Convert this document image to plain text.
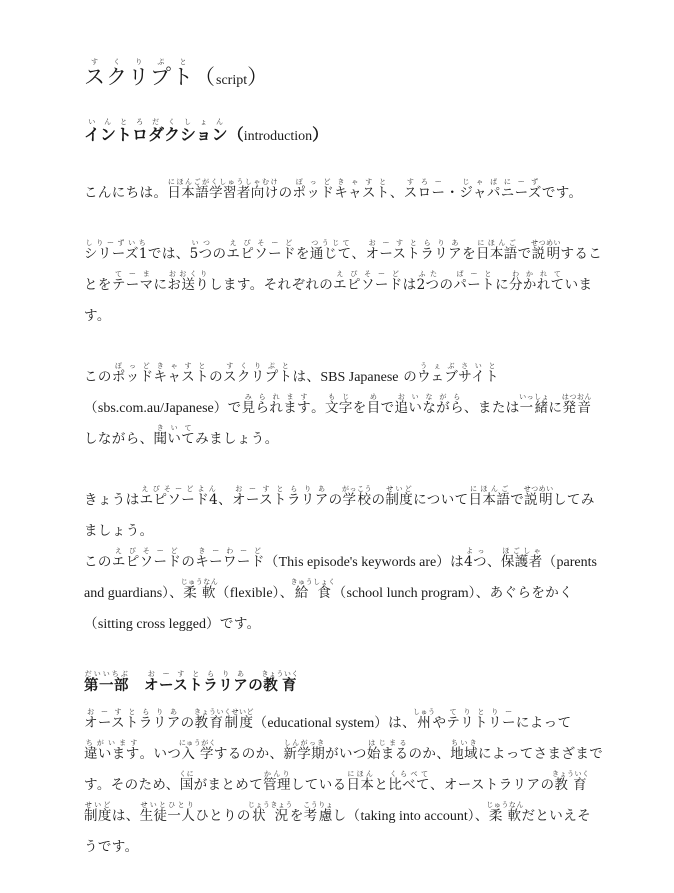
スクリプトすくりぷと（script）
イントロダクションいんとろだくしょん（introduction）

こんにちは。日本語学習者向けにほんごがくしゅうしゃむけのポッドキャストぽっどきゃすと、スローすろー・ジャパニーズじゃぱにーずです。

シリーズ1しりーずいちでは、5ついつのエピソードえぴそーどを通じてつうじて、オーストラリアおーすとらりあを日本語にほんごで説明せつめいすることをテーマてーまにお送りおおくりします。それぞれのエピソードえぴそーどは2つふたのパートぱーとに分かれてわかれています。

このポッドキャストぽっどきゃすとのスクリプトすくりぷとは、SBS Japanese のウェブサイトうぇぶさいと（sbs.com.au/Japanese）で見られますみられます。文字もじを目めで追いながらおいながら、または一緒いっしょに発音はつおんしながら、聞いてきいてみましょう。

きょうはエピソード4えぴそーどよん、オーストラリアおーすとらりあの学校がっこうの制度せいどについて日本語にほんごで説明せつめいしてみましょう。

このエピソードえぴそーどのキーワードきーわーど（This episode's keywords are）は4つよっ、保護者ほごしゃ（parents and guardians）、柔軟じゅうなん（flexible）、給食きゅうしょく（school lunch program）、あぐらをかく（sitting cross legged）です。

第一部だいいちぶ　オーストラリアおーすとらりあの教育きょういく

オーストラリアおーすとらりあの教育制度きょういくせいど（educational system）は、州しゅうやテリトリーてりとりーによって違いますちがいます。いつ入学にゅうがくするのか、新学期しんがっきがいつ始まるはじまるのか、地域ちいきによってさまざまです。そのため、国くにがまとめて管理かんりしている日本にほんと比べてくらべて、オーストラリアの教育きょういく制度せいどは、生徒一人せいとひとりひとりの状況じょうきょうを考慮こうりょし（taking into account）、柔軟じゅうなんだといえそうです。
